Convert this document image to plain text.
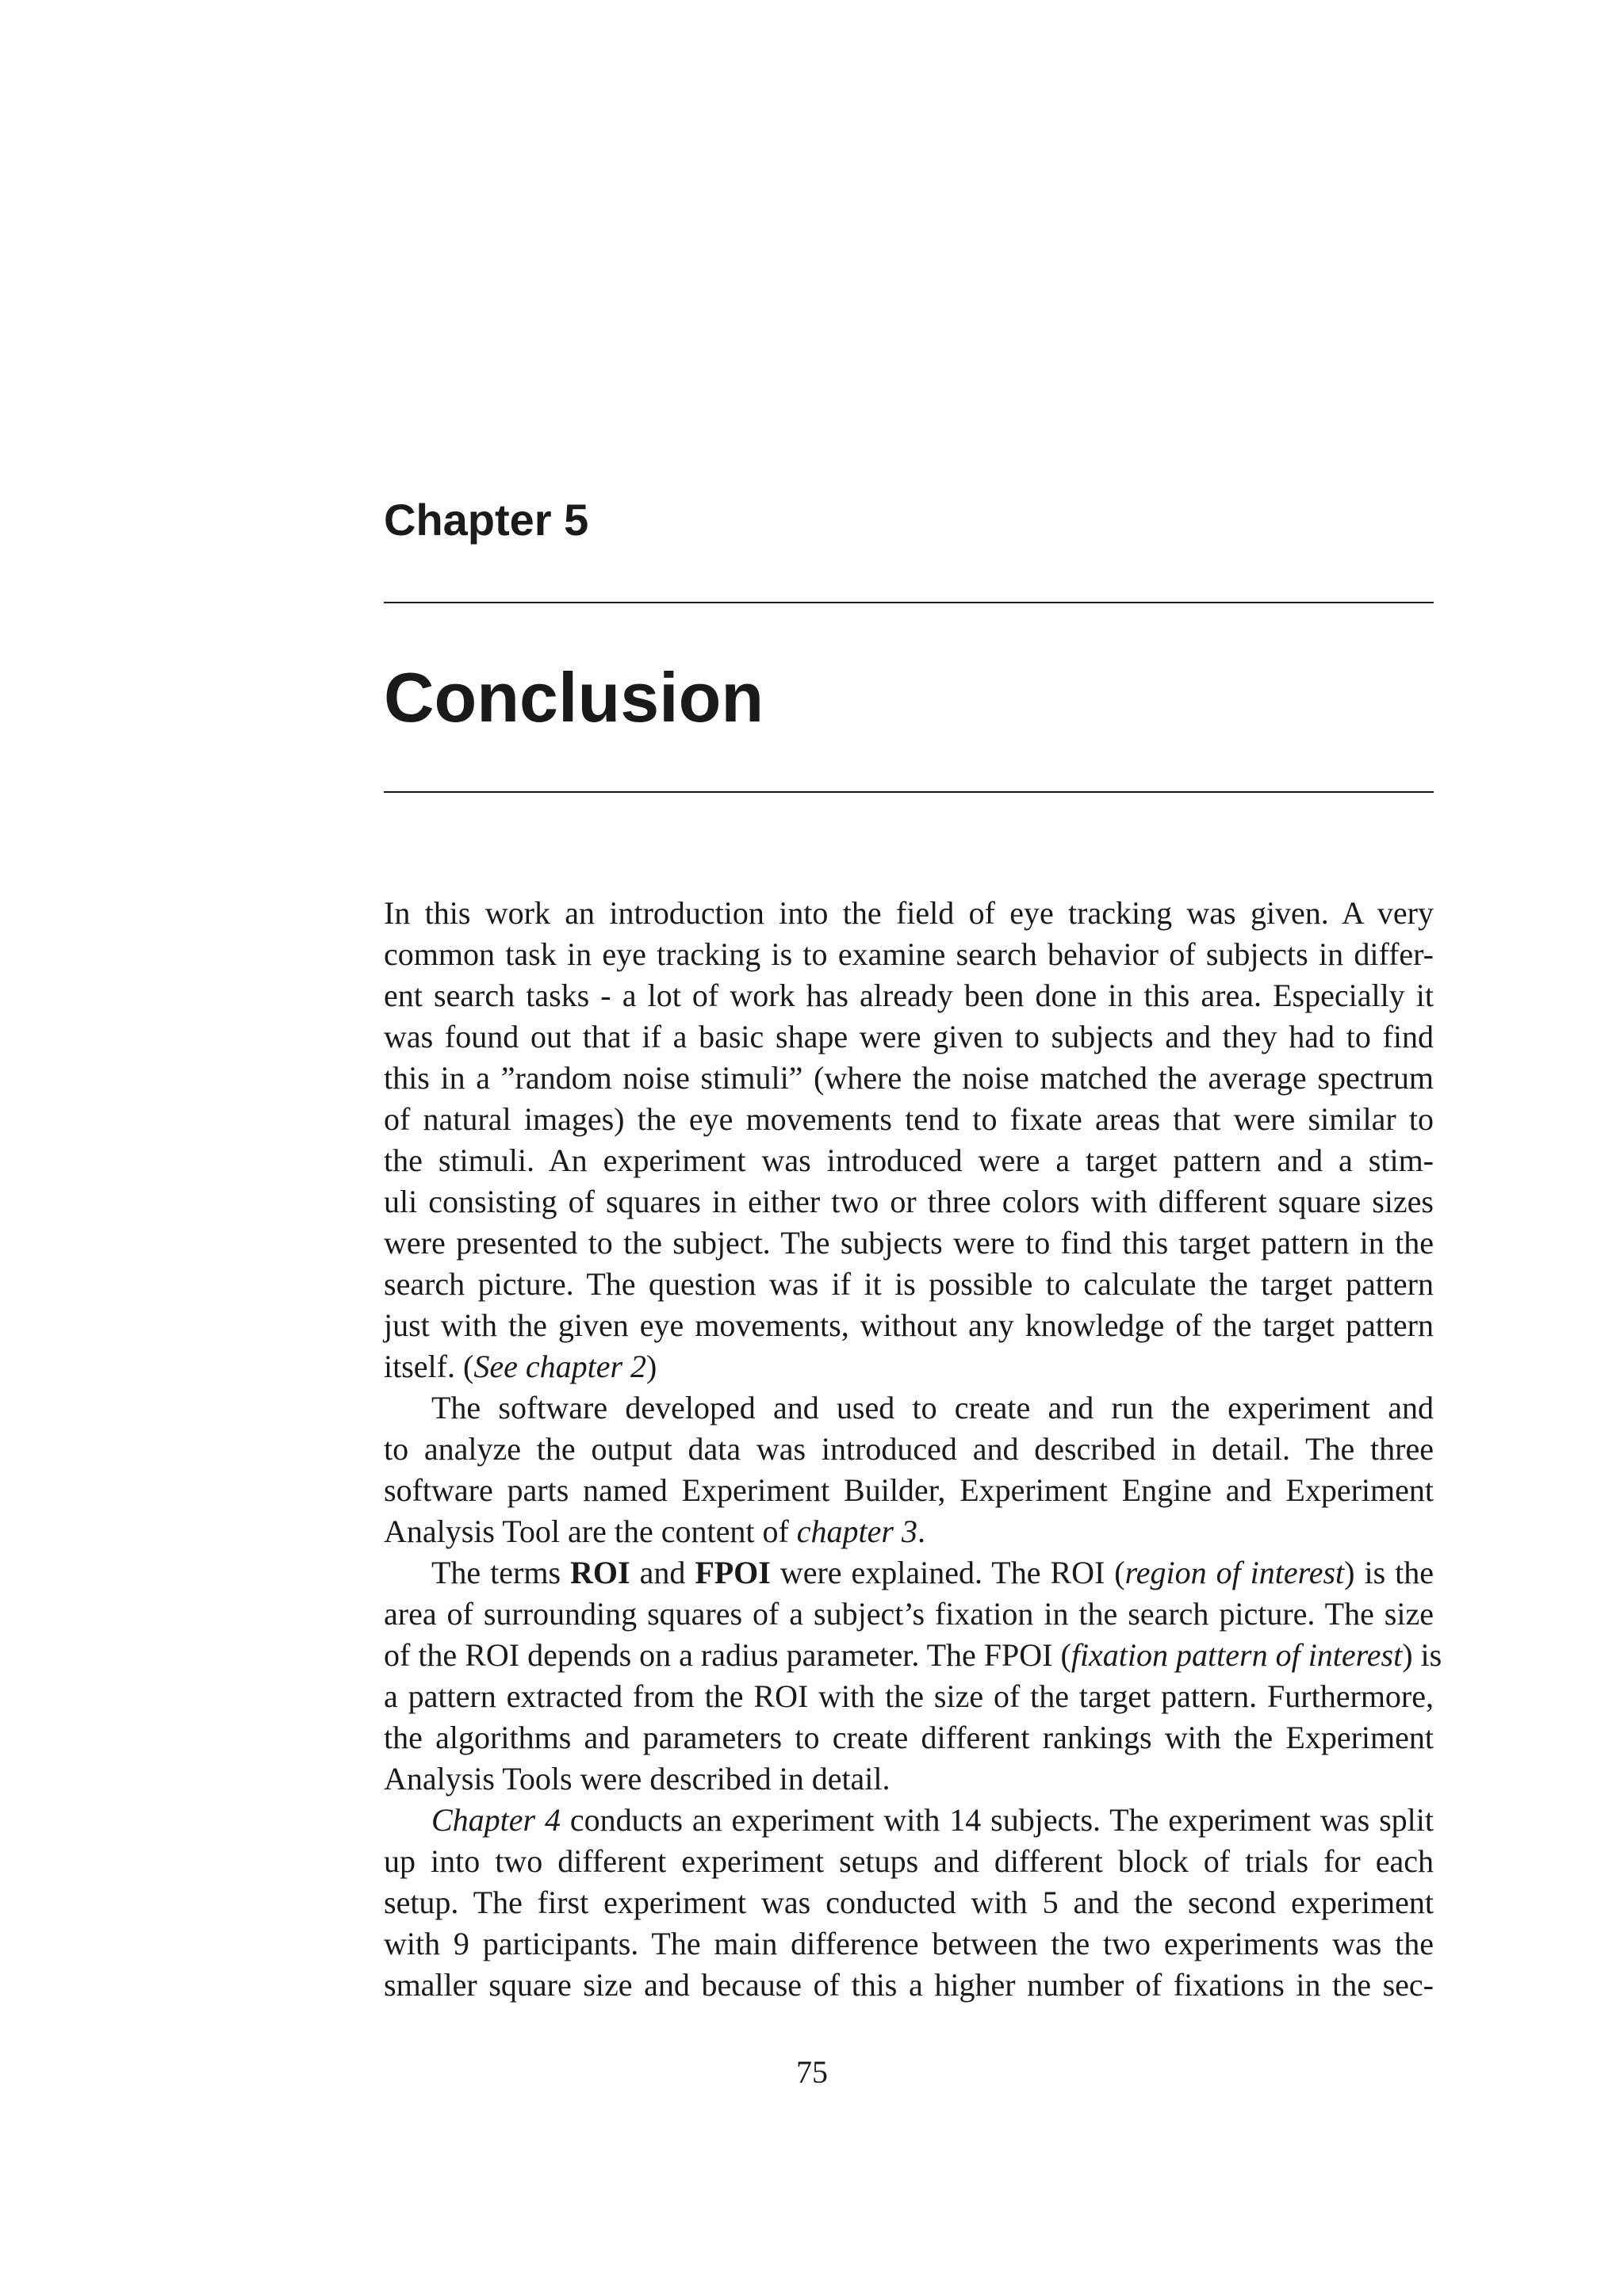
Chapter 5
Conclusion
In this work an introduction into the field of eye tracking was given. A very
common task in eye tracking is to examine search behavior of subjects in differ-
ent search tasks - a lot of work has already been done in this area. Especially it
was found out that if a basic shape were given to subjects and they had to find
this in a ”random noise stimuli” (where the noise matched the average spectrum
of natural images) the eye movements tend to fixate areas that were similar to
the stimuli. An experiment was introduced were a target pattern and a stim-
uli consisting of squares in either two or three colors with different square sizes
were presented to the subject. The subjects were to find this target pattern in the
search picture. The question was if it is possible to calculate the target pattern
just with the given eye movements, without any knowledge of the target pattern
itself. (See chapter 2)
The software developed and used to create and run the experiment and
to analyze the output data was introduced and described in detail. The three
software parts named Experiment Builder, Experiment Engine and Experiment
Analysis Tool are the content of chapter 3.
The terms ROI and FPOI were explained. The ROI (region of interest) is the
area of surrounding squares of a subject’s fixation in the search picture. The size
of the ROI depends on a radius parameter. The FPOI (fixation pattern of interest) is
a pattern extracted from the ROI with the size of the target pattern. Furthermore,
the algorithms and parameters to create different rankings with the Experiment
Analysis Tools were described in detail.
Chapter 4 conducts an experiment with 14 subjects. The experiment was split
up into two different experiment setups and different block of trials for each
setup. The first experiment was conducted with 5 and the second experiment
with 9 participants. The main difference between the two experiments was the
smaller square size and because of this a higher number of fixations in the sec-
75
